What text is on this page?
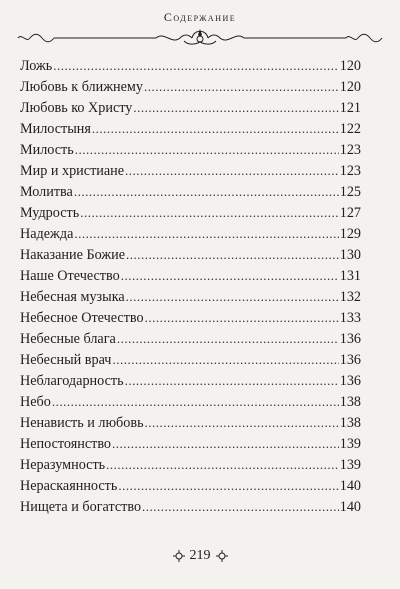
Содержание
Ложь .....	120
Любовь к ближнему .....	120
Любовь ко Христу .....	121
Милостыня .....	122
Милость .....	123
Мир и христиане .....	123
Молитва .....	125
Мудрость .....	127
Надежда .....	129
Наказание Божие .....	130
Наше Отечество .....	131
Небесная музыка .....	132
Небесное Отечество .....	133
Небесные блага .....	136
Небесный врач .....	136
Неблагодарность .....	136
Небо .....	138
Ненависть и любовь .....	138
Непостоянство .....	139
Неразумность .....	139
Нераскаянность .....	140
Нищета и богатство .....	140
219
